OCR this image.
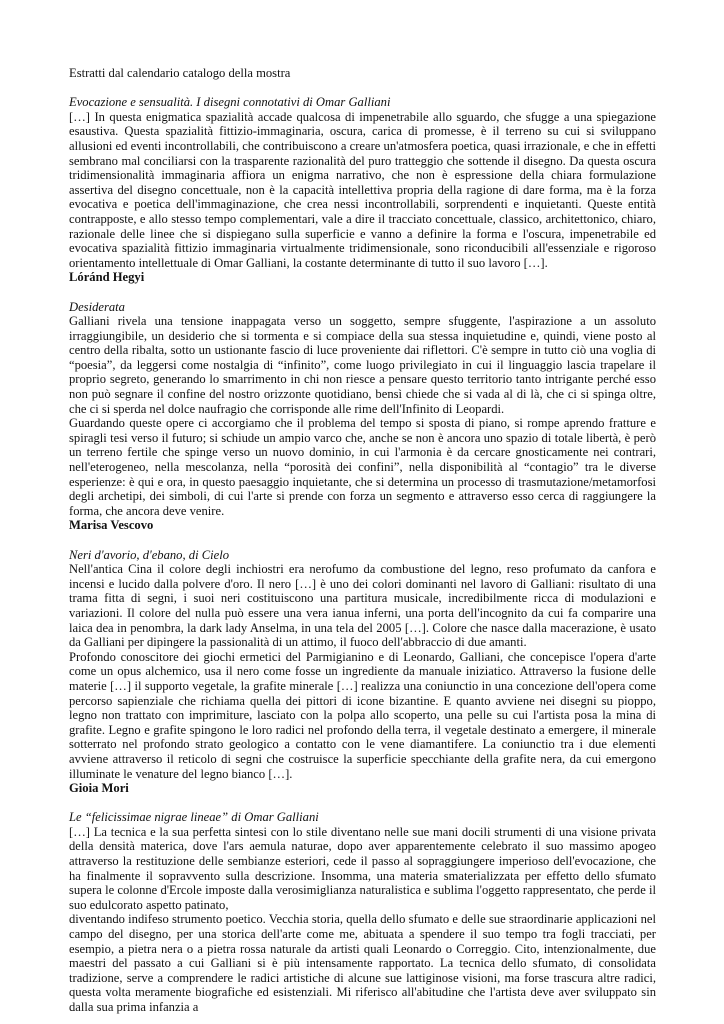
Estratti dal calendario catalogo della mostra

Evocazione e sensualità. I disegni connotativi di Omar Galliani

[…] In questa enigmatica spazialità accade qualcosa di impenetrabile allo sguardo, che sfugge a una spiegazione esaustiva. Questa spazialità fittizio-immaginaria, oscura, carica di promesse, è il terreno su cui si sviluppano allusioni ed eventi incontrollabili, che contribuiscono a creare un'atmosfera poetica, quasi irrazionale, e che in effetti sembrano mal conciliarsi con la trasparente razionalità del puro tratteggio che sottende il disegno. Da questa oscura tridimensionalità immaginaria affiora un enigma narrativo, che non è espressione della chiara formulazione assertiva del disegno concettuale, non è la capacità intellettiva propria della ragione di dare forma, ma è la forza evocativa e poetica dell'immaginazione, che crea nessi incontrollabili, sorprendenti e inquietanti. Queste entità contrapposte, e allo stesso tempo complementari, vale a dire il tracciato concettuale, classico, architettonico, chiaro, razionale delle linee che si dispiegano sulla superficie e vanno a definire la forma e l'oscura, impenetrabile ed evocativa spazialità fittizio immaginaria virtualmente tridimensionale, sono riconducibili all'essenziale e rigoroso orientamento intellettuale di Omar Galliani, la costante determinante di tutto il suo lavoro […].

Lóránd Hegyi

Desiderata

Galliani rivela una tensione inappagata verso un soggetto, sempre sfuggente, l'aspirazione a un assoluto irraggiungibile, un desiderio che si tormenta e si compiace della sua stessa inquietudine e, quindi, viene posto al centro della ribalta, sotto un ustionante fascio di luce proveniente dai riflettori. C'è sempre in tutto ciò una voglia di “poesia”, da leggersi come nostalgia di “infinito”, come luogo privilegiato in cui il linguaggio lascia trapelare il proprio segreto, generando lo smarrimento in chi non riesce a pensare questo territorio tanto intrigante perché esso non può segnare il confine del nostro orizzonte quotidiano, bensì chiede che si vada al di là, che ci si spinga oltre, che ci si sperda nel dolce naufragio che corrisponde alle rime dell'Infinito di Leopardi.

Guardando queste opere ci accorgiamo che il problema del tempo si sposta di piano, si rompe aprendo fratture e spiragli tesi verso il futuro; si schiude un ampio varco che, anche se non è ancora uno spazio di totale libertà, è però un terreno fertile che spinge verso un nuovo dominio, in cui l'armonia è da cercare gnosticamente nei contrari, nell'eterogeneo, nella mescolanza, nella “porosità dei confini”, nella disponibilità al “contagio” tra le diverse esperienze: è qui e ora, in questo paesaggio inquietante, che si determina un processo di trasmutazione/metamorfosi degli archetipi, dei simboli, di cui l'arte si prende con forza un segmento e attraverso esso cerca di raggiungere la forma, che ancora deve venire.

Marisa Vescovo

Neri d'avorio, d'ebano, di Cielo

Nell'antica Cina il colore degli inchiostri era nerofumo da combustione del legno, reso profumato da canfora e incensi e lucido dalla polvere d'oro. Il nero […] è uno dei colori dominanti nel lavoro di Galliani: risultato di una trama fitta di segni, i suoi neri costituiscono una partitura musicale, incredibilmente ricca di modulazioni e variazioni. Il colore del nulla può essere una vera ianua inferni, una porta dell'incognito da cui fa comparire una laica dea in penombra, la dark lady Anselma, in una tela del 2005 […]. Colore che nasce dalla macerazione, è usato da Galliani per dipingere la passionalità di un attimo, il fuoco dell'abbraccio di due amanti.

Profondo conoscitore dei giochi ermetici del Parmigianino e di Leonardo, Galliani, che concepisce l'opera d'arte come un opus alchemico, usa il nero come fosse un ingrediente da manuale iniziatico. Attraverso la fusione delle materie […] il supporto vegetale, la grafite minerale […] realizza una coniunctio in una concezione dell'opera come percorso sapienziale che richiama quella dei pittori di icone bizantine. E quanto avviene nei disegni su pioppo, legno non trattato con imprimiture, lasciato con la polpa allo scoperto, una pelle su cui l'artista posa la mina di grafite. Legno e grafite spingono le loro radici nel profondo della terra, il vegetale destinato a emergere, il minerale sotterrato nel profondo strato geologico a contatto con le vene diamantifere. La coniunctio tra i due elementi avviene attraverso il reticolo di segni che costruisce la superficie specchiante della grafite nera, da cui emergono illuminate le venature del legno bianco […].

Gioia Mori

Le “felicissimae nigrae lineae” di Omar Galliani

[…] La tecnica e la sua perfetta sintesi con lo stile diventano nelle sue mani docili strumenti di una visione privata della densità materica, dove l'ars aemula naturae, dopo aver apparentemente celebrato il suo massimo apogeo attraverso la restituzione delle sembianze esteriori, cede il passo al sopraggiungere imperioso dell'evocazione, che ha finalmente il sopravvento sulla descrizione. Insomma, una materia smaterializzata per effetto dello sfumato supera le colonne d'Ercole imposte dalla verosimiglianza naturalistica e sublima l'oggetto rappresentato, che perde il suo edulcorato aspetto patinato,

diventando indifeso strumento poetico. Vecchia storia, quella dello sfumato e delle sue straordinarie applicazioni nel campo del disegno, per una storica dell'arte come me, abituata a spendere il suo tempo tra fogli tracciati, per esempio, a pietra nera o a pietra rossa naturale da artisti quali Leonardo o Correggio. Cito, intenzionalmente, due maestri del passato a cui Galliani si è più intensamente rapportato. La tecnica dello sfumato, di consolidata tradizione, serve a comprendere le radici artistiche di alcune sue lattiginose visioni, ma forse trascura altre radici, questa volta meramente biografiche ed esistenziali. Mi riferisco all'abitudine che l'artista deve aver sviluppato sin dalla sua prima infanzia a
